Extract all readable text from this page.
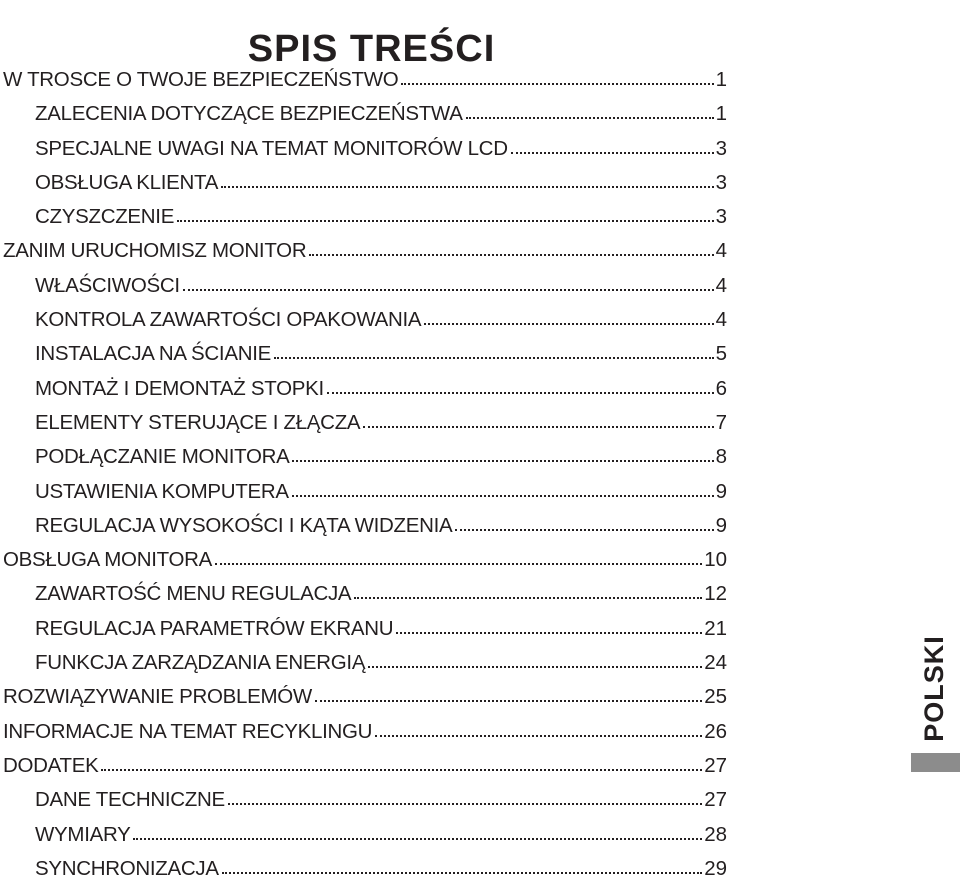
SPIS TREŚCI
W TROSCE O TWOJE BEZPIECZEŃSTWO	1
ZALECENIA DOTYCZĄCE BEZPIECZEŃSTWA	1
SPECJALNE UWAGI NA TEMAT MONITORÓW LCD	3
OBSŁUGA KLIENTA	3
CZYSZCZENIE	3
ZANIM URUCHOMISZ MONITOR	4
WŁAŚCIWOŚCI	4
KONTROLA ZAWARTOŚCI OPAKOWANIA	4
INSTALACJA NA ŚCIANIE	5
MONTAŻ I DEMONTAŻ STOPKI	6
ELEMENTY STERUJĄCE I ZŁĄCZA	7
PODŁĄCZANIE MONITORA	8
USTAWIENIA KOMPUTERA	9
REGULACJA WYSOKOŚCI I KĄTA WIDZENIA	9
OBSŁUGA MONITORA	10
ZAWARTOŚĆ MENU REGULACJA	12
REGULACJA PARAMETRÓW EKRANU	21
FUNKCJA ZARZĄDZANIA ENERGIĄ	24
ROZWIĄZYWANIE PROBLEMÓW	25
INFORMACJE NA TEMAT RECYKLINGU	26
DODATEK	27
DANE TECHNICZNE	27
WYMIARY	28
SYNCHRONIZACJA	29
POLSKI
